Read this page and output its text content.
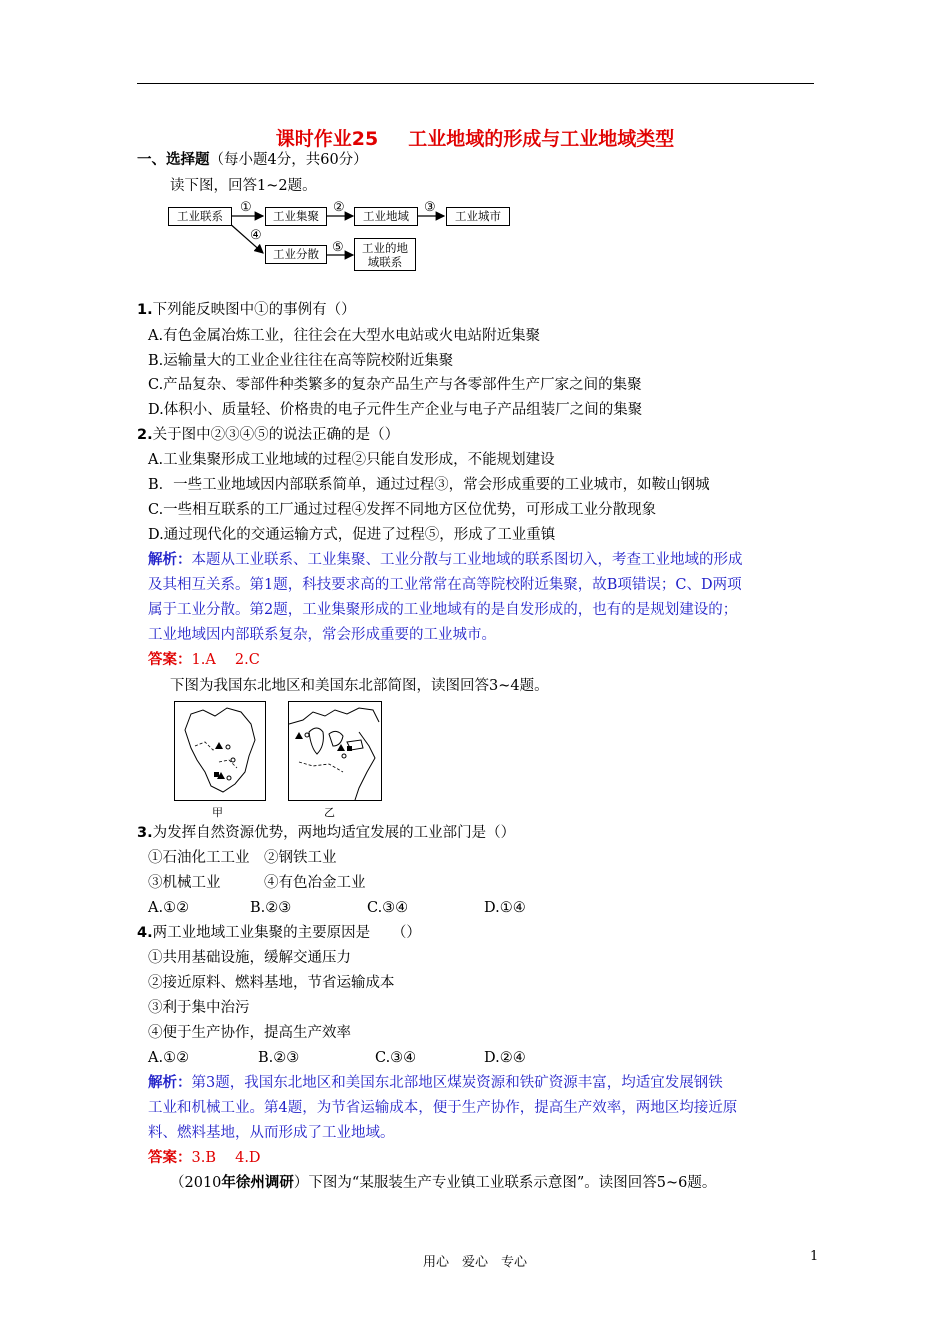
课时作业25 工业地域的形成与工业地域类型
一、选择题（每小题4分，共60分）
读下图，回答1~2题。
工业联系	工业集聚	工业地域	工业城市
工业分散	工业的地
域联系
①	②	③
④
⑤
1.下列能反映图中①的事例有（）
A.有色金属冶炼工业，往往会在大型水电站或火电站附近集聚
B.运输量大的工业企业往往在高等院校附近集聚
C.产品复杂、零部件种类繁多的复杂产品生产与各零部件生产厂家之间的集聚
D.体积小、质量轻、价格贵的电子元件生产企业与电子产品组装厂之间的集聚
2.关于图中②③④⑤的说法正确的是（）
A.工业集聚形成工业地域的过程②只能自发形成，不能规划建设
B．一些工业地域因内部联系简单，通过过程③，常会形成重要的工业城市，如鞍山钢城
C.一些相互联系的工厂通过过程④发挥不同地方区位优势，可形成工业分散现象
D.通过现代化的交通运输方式，促进了过程⑤，形成了工业重镇
解析：本题从工业联系、工业集聚、工业分散与工业地域的联系图切入，考查工业地域的形成
及其相互关系。第1题，科技要求高的工业常常在高等院校附近集聚，故B项错误；C、D两项
属于工业分散。第2题，工业集聚形成的工业地域有的是自发形成的，也有的是规划建设的；
工业地域因内部联系复杂，常会形成重要的工业城市。
答案：1.A　 2.C
下图为我国东北地区和美国东北部简图，读图回答3~4题。
甲	乙
3.为发挥自然资源优势，两地均适宜发展的工业部门是（）
①石油化工工业　②钢铁工业
③机械工业　　　④有色冶金工业
A.①②	B.②③	C.③④	D.①④
4.两工业地域工业集聚的主要原因是　　（）
①共用基础设施，缓解交通压力
②接近原料、燃料基地，节省运输成本
③利于集中治污
④便于生产协作，提高生产效率
A.①②	B.②③	C.③④	D.②④
解析：第3题，我国东北地区和美国东北部地区煤炭资源和铁矿资源丰富，均适宜发展钢铁
工业和机械工业。第4题，为节省运输成本，便于生产协作，提高生产效率，两地区均接近原
料、燃料基地，从而形成了工业地域。
答案：3.B　 4.D
（2010年徐州调研）下图为“某服装生产专业镇工业联系示意图”。读图回答5~6题。
用心　爱心　专心	1
